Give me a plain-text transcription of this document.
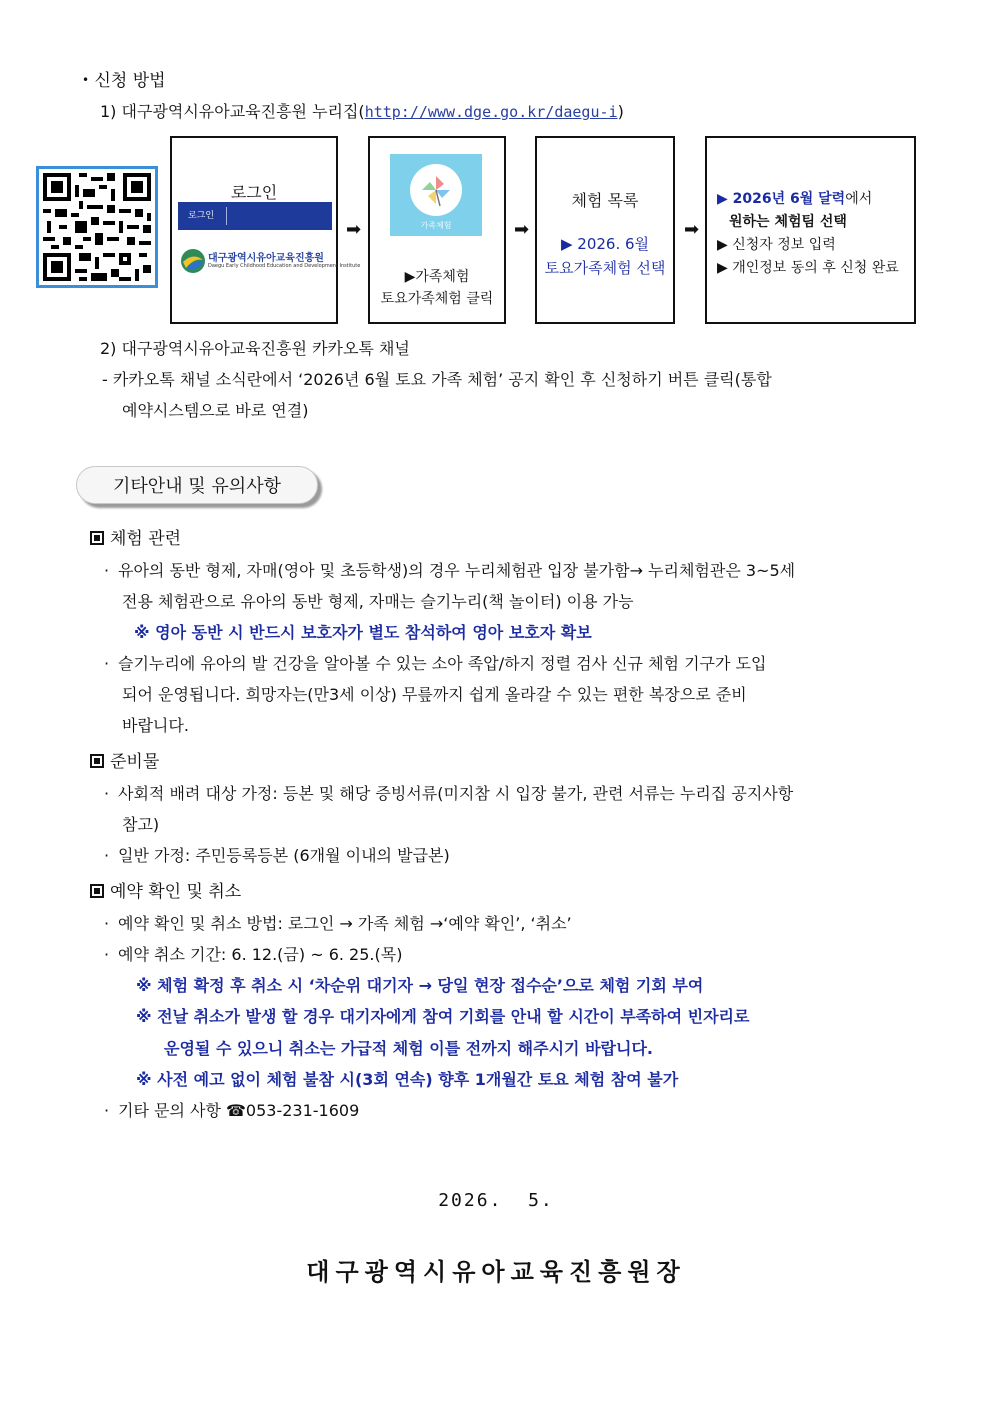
• 신청 방법
1) 대구광역시유아교육진흥원 누리집(http://www.dge.go.kr/daegu-i)
로그인
로그인
대구광역시유아교육진흥원
Daegu Early Childhood Education and Development Institute
➡	가족체험
▶가족체험
토요가족체험 클릭
➡
체험 목록
▶ 2026. 6월
토요가족체험 선택
➡
▶ 2026년 6월 달력에서
원하는 체험팀 선택
▶ 신청자 정보 입력
▶ 개인정보 동의 후 신청 완료
2) 대구광역시유아교육진흥원 카카오톡 채널
- 카카오톡 채널 소식란에서 ‘2026년 6월 토요 가족 체험’ 공지 확인 후 신청하기 버튼 클릭(통합
예약시스템으로 바로 연결)
기타안내 및 유의사항
체험 관련
· 유아의 동반 형제, 자매(영아 및 초등학생)의 경우 누리체험관 입장 불가함→ 누리체험관은 3~5세
전용 체험관으로 유아의 동반 형제, 자매는 슬기누리(책 놀이터) 이용 가능
※ 영아 동반 시 반드시 보호자가 별도 참석하여 영아 보호자 확보
· 슬기누리에 유아의 발 건강을 알아볼 수 있는 소아 족압/하지 정렬 검사 신규 체험 기구가 도입
되어 운영됩니다. 희망자는(만3세 이상) 무릎까지 쉽게 올라갈 수 있는 편한 복장으로 준비
바랍니다.
준비물
· 사회적 배려 대상 가정: 등본 및 해당 증빙서류(미지참 시 입장 불가, 관련 서류는 누리집 공지사항
참고)
· 일반 가정: 주민등록등본 (6개월 이내의 발급본)
예약 확인 및 취소
· 예약 확인 및 취소 방법: 로그인 → 가족 체험 →‘예약 확인’, ‘취소’
· 예약 취소 기간: 6. 12.(금) ~ 6. 25.(목)
※ 체험 확정 후 취소 시 ‘차순위 대기자 → 당일 현장 접수순’으로 체험 기회 부여
※ 전날 취소가 발생 할 경우 대기자에게 참여 기회를 안내 할 시간이 부족하여 빈자리로
운영될 수 있으니 취소는 가급적 체험 이틀 전까지 해주시기 바랍니다.
※ 사전 예고 없이 체험 불참 시(3회 연속) 향후 1개월간 토요 체험 참여 불가
· 기타 문의 사항 ☎053-231-1609
2026.  5.
대구광역시유아교육진흥원장
